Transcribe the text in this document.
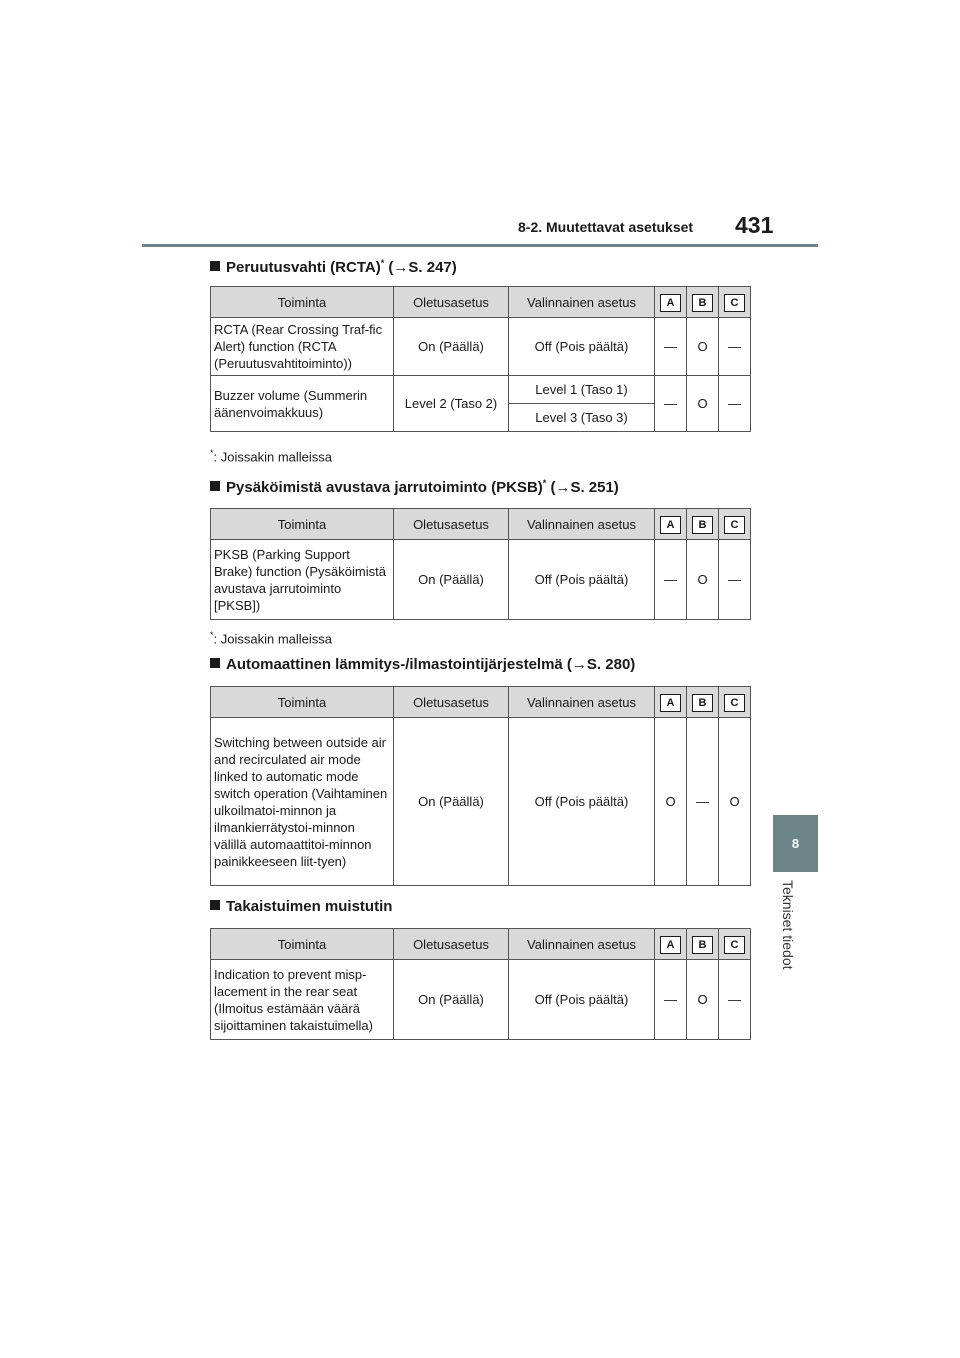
8-2. Muutettavat asetukset 431
8
Tekniset tiedot
Peruutusvahti (RCTA)* (→S. 247)
Toiminta	Oletusasetus	Valinnainen asetus	A	B	C
RCTA (Rear Crossing Traf-fic Alert) function (RCTA (Peruutusvahtitoiminto))	On (Päällä)	Off (Pois päältä)	—	O	—
Buzzer volume (Summerin äänenvoimakkuus)	Level 2 (Taso 2)	Level 1 (Taso 1)	—	O	—
		Level 3 (Taso 3)			
*: Joissakin malleissa
Pysäköimistä avustava jarrutoiminto (PKSB)* (→S. 251)
Toiminta	Oletusasetus	Valinnainen asetus	A	B	C
PKSB (Parking Support Brake) function (Pysäköimistä avustava jarrutoiminto [PKSB])	On (Päällä)	Off (Pois päältä)	—	O	—
*: Joissakin malleissa
Automaattinen lämmitys-/ilmastointijärjestelmä (→S. 280)
Toiminta	Oletusasetus	Valinnainen asetus	A	B	C
Switching between outside air and recirculated air mode linked to automatic mode switch operation (Vaihtaminen ulkoilmatoi-minnon ja ilmankierrätystoi-minnon välillä automaattitoi-minnon painikkeeseen liit-tyen)	On (Päällä)	Off (Pois päältä)	O	—	O
Takaistuimen muistutin
Toiminta	Oletusasetus	Valinnainen asetus	A	B	C
Indication to prevent misp-lacement in the rear seat (Ilmoitus estämään väärä sijoittaminen takaistuimella)	On (Päällä)	Off (Pois päältä)	—	O	—
